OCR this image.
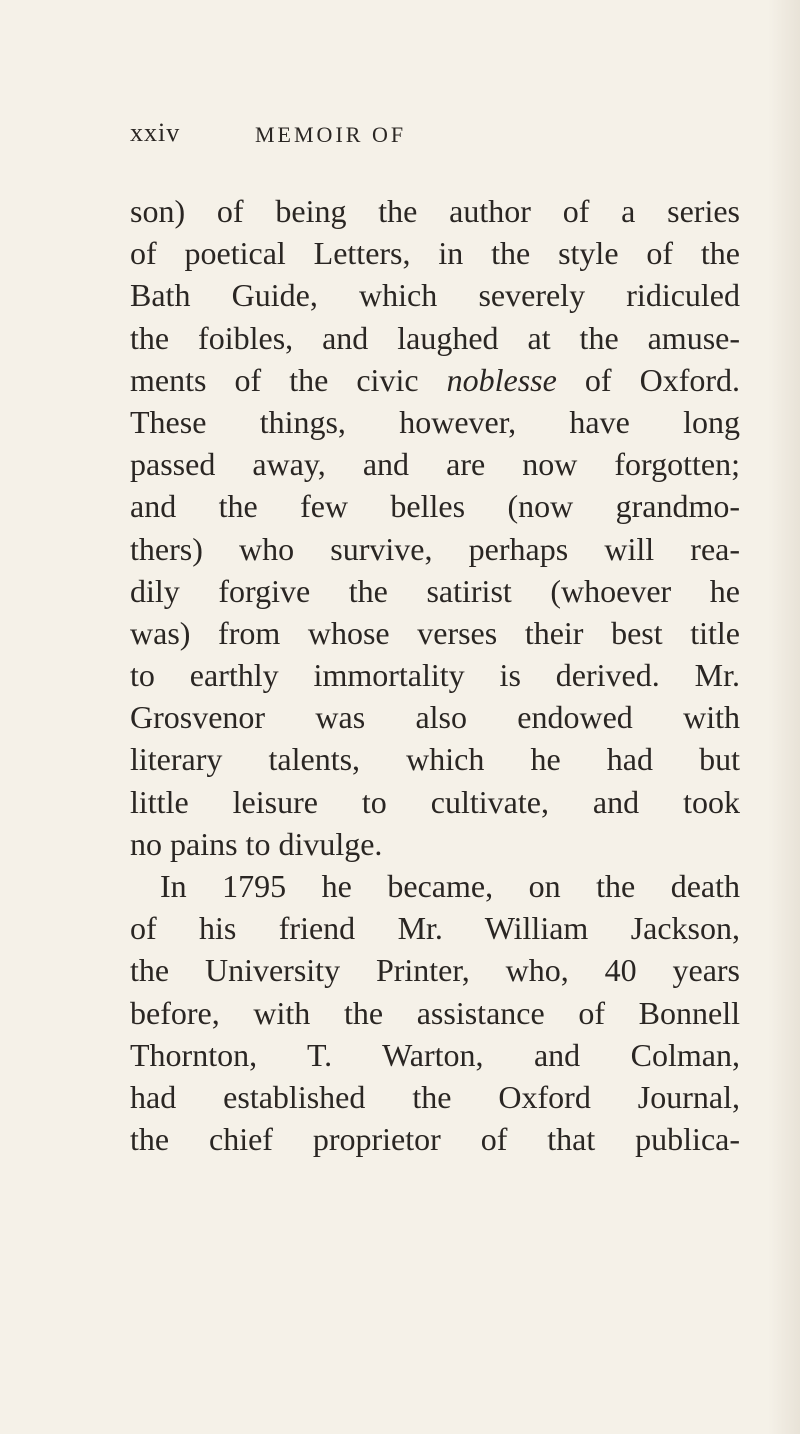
xxiv	MEMOIR OF
son) of being the author of a series
of poetical Letters, in the style of the
Bath Guide, which severely ridiculed
the foibles, and laughed at the amuse-
ments of the civic noblesse of Oxford.
These things, however, have long
passed away, and are now forgotten;
and the few belles (now grandmo-
thers) who survive, perhaps will rea-
dily forgive the satirist (whoever he
was) from whose verses their best title
to earthly immortality is derived. Mr.
Grosvenor was also endowed with
literary talents, which he had but
little leisure to cultivate, and took
no pains to divulge.
In 1795 he became, on the death
of his friend Mr. William Jackson,
the University Printer, who, 40 years
before, with the assistance of Bonnell
Thornton, T. Warton, and Colman,
had established the Oxford Journal,
the chief proprietor of that publica-
